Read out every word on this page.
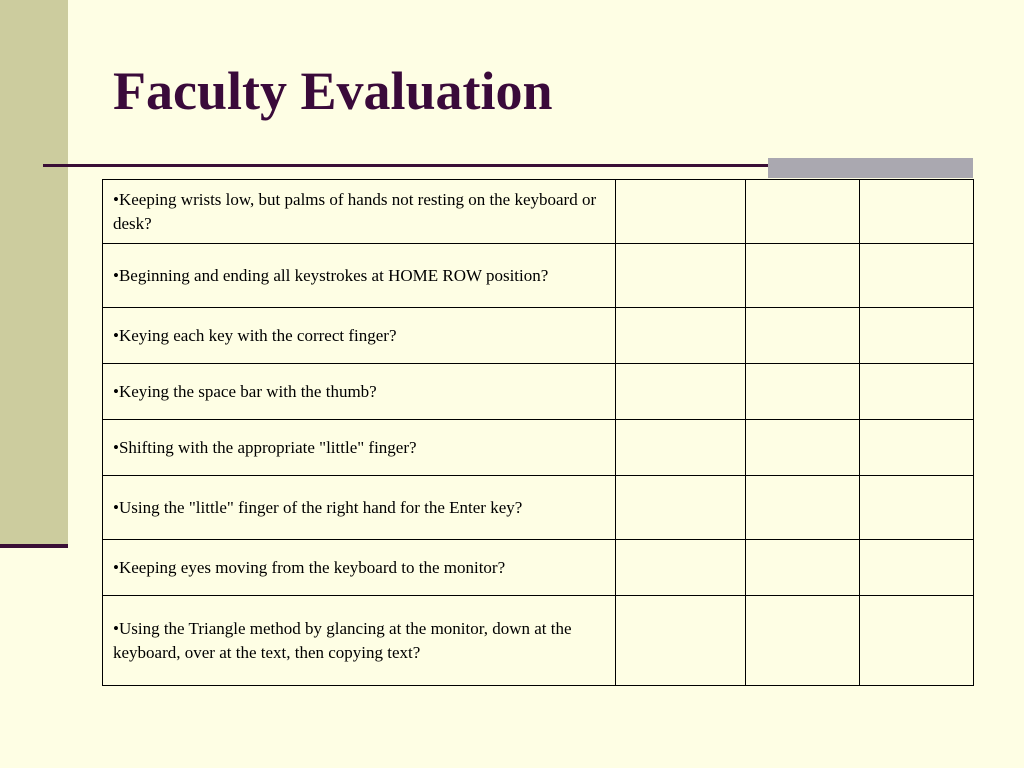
Faculty Evaluation
•Keeping wrists low, but palms of hands not resting on the keyboard or desk?			
•Beginning and ending all keystrokes at HOME ROW position?			
•Keying each key with the correct finger?			
•Keying the space bar with the thumb?			
•Shifting with the appropriate "little" finger?			
•Using the "little" finger of the right hand for the Enter key?			
•Keeping eyes moving from the keyboard to the monitor?			
•Using the Triangle method by glancing at the monitor, down at the keyboard, over at the text, then copying text?			
